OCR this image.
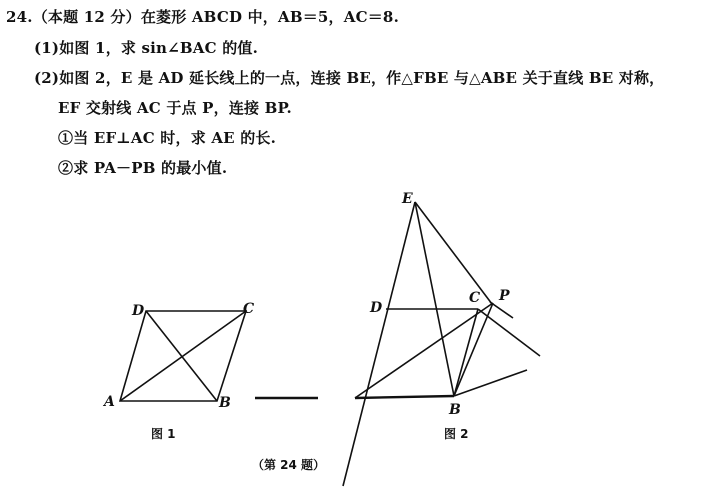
24.（本题 12 分）在菱形 ABCD 中，AB＝5，AC＝8.
(1)如图 1，求 sin∠BAC 的值.
(2)如图 2，E 是 AD 延长线上的一点，连接 BE，作△FBE 与△ABE 关于直线 BE 对称，
EF 交射线 AC 于点 P，连接 BP.
①当 EF⊥AC 时，求 AE 的长.
②求 PA－PB 的最小值.
A	B
C
D
图 1
E
D
C P
B
图 2
（第 24 题）
